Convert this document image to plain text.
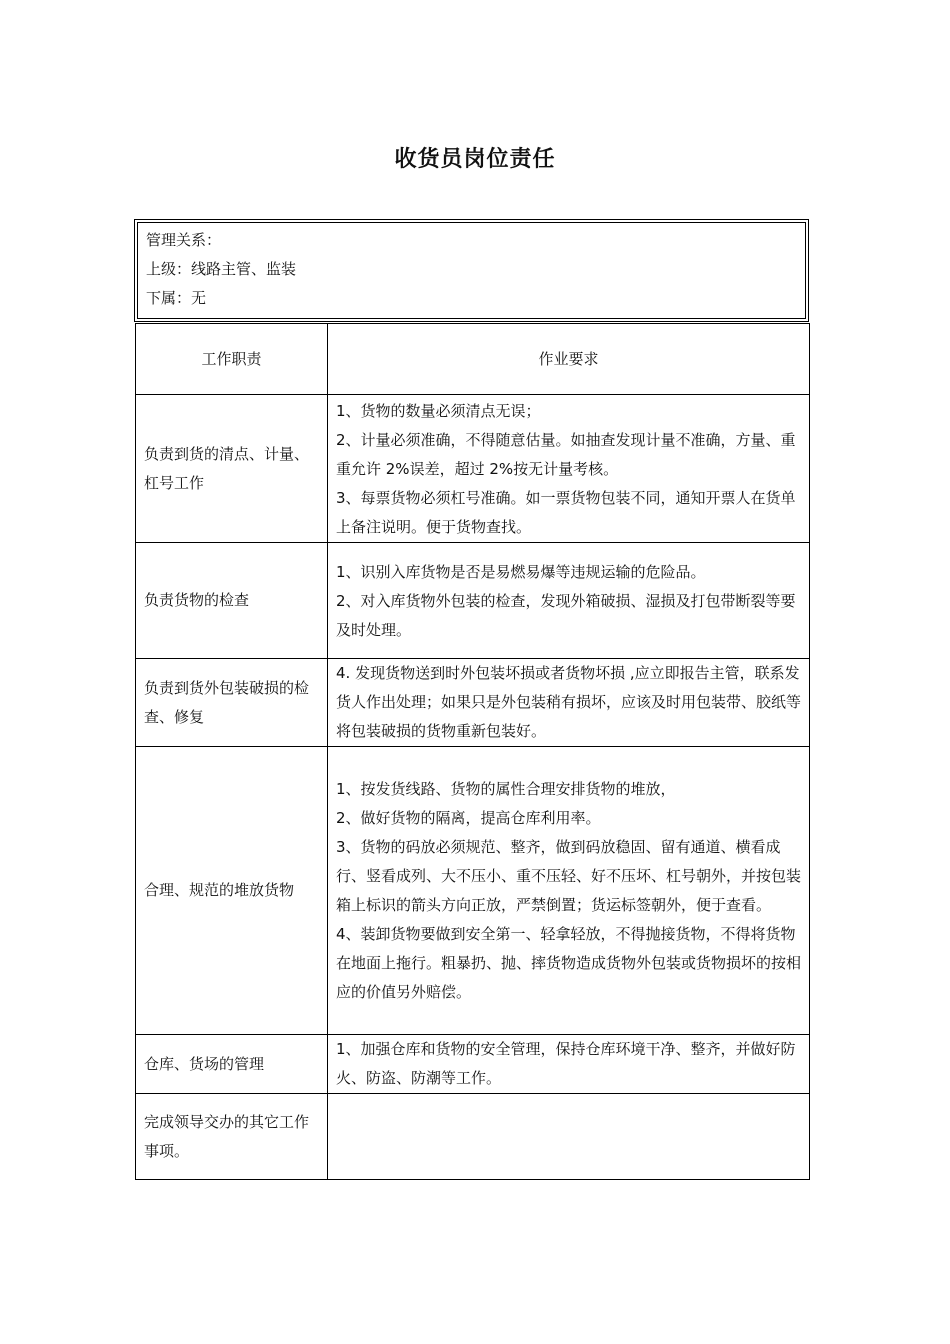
收货员岗位责任
管理关系：
上级：线路主管、监装
下属：无
工作职责	作业要求
负责到货的清点、计量、杠号工作	1、货物的数量必须清点无误；
2、计量必须准确，不得随意估量。如抽查发现计量不准确，方量、重重允许 2%误差，超过 2%按无计量考核。
3、每票货物必须杠号准确。如一票货物包装不同，通知开票人在货单上备注说明。便于货物查找。

负责货物的检查	1、识别入库货物是否是易燃易爆等违规运输的危险品。
2、对入库货物外包装的检查，发现外箱破损、湿损及打包带断裂等要及时处理。

负责到货外包装破损的检查、修复	4. 发现货物送到时外包装坏损或者货物坏损 ,应立即报告主管，联系发货人作出处理；如果只是外包装稍有损坏，应该及时用包装带、胶纸等将包装破损的货物重新包装好。

合理、规范的堆放货物	1、按发货线路、货物的属性合理安排货物的堆放，
2、做好货物的隔离，提高仓库利用率。
3、货物的码放必须规范、整齐，做到码放稳固、留有通道、横看成行、竖看成列、大不压小、重不压轻、好不压坏、杠号朝外，并按包装箱上标识的箭头方向正放，严禁倒置；货运标签朝外，便于查看。
4、装卸货物要做到安全第一、轻拿轻放，不得抛接货物，不得将货物在地面上拖行。粗暴扔、抛、摔货物造成货物外包装或货物损坏的按相应的价值另外赔偿。

仓库、货场的管理	1、加强仓库和货物的安全管理，保持仓库环境干净、整齐，并做好防火、防盗、防潮等工作。

完成领导交办的其它工作事项。	
